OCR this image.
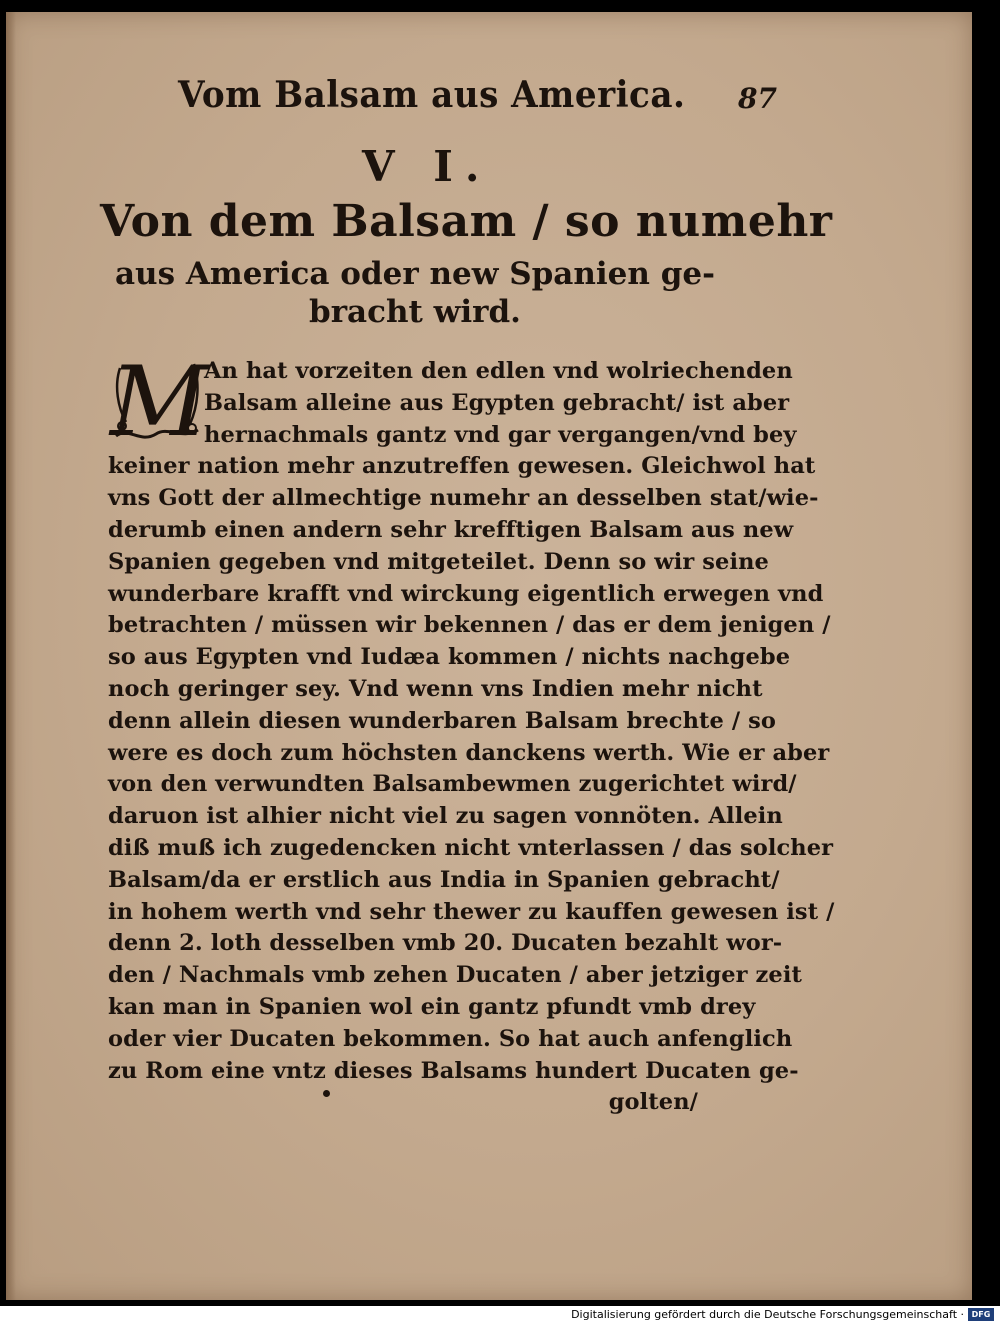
Vom Balsam aus America. 87
V I.
Von dem Balsam / so numehr
aus America oder new Spanien ge-
bracht wird.
M
An hat vorzeiten den edlen vnd wolriechenden
Balsam alleine aus Egypten gebracht/ ist aber
hernachmals gantz vnd gar vergangen/vnd bey
keiner nation mehr anzutreffen gewesen. Gleichwol hat
vns Gott der allmechtige numehr an desselben stat/wie-
derumb einen andern sehr krefftigen Balsam aus new
Spanien gegeben vnd mitgeteilet. Denn so wir seine
wunderbare krafft vnd wirckung eigentlich erwegen vnd
betrachten / müssen wir bekennen / das er dem jenigen /
so aus Egypten vnd Iudæa kommen / nichts nachgebe
noch geringer sey. Vnd wenn vns Indien mehr nicht
denn allein diesen wunderbaren Balsam brechte / so
were es doch zum höchsten danckens werth. Wie er aber
von den verwundten Balsambewmen zugerichtet wird/
daruon ist alhier nicht viel zu sagen vonnöten. Allein
diß muß ich zugedencken nicht vnterlassen / das solcher
Balsam/da er erstlich aus India in Spanien gebracht/
in hohem werth vnd sehr thewer zu kauffen gewesen ist /
denn 2. loth desselben vmb 20. Ducaten bezahlt wor-
den / Nachmals vmb zehen Ducaten / aber jetziger zeit
kan man in Spanien wol ein gantz pfundt vmb drey
oder vier Ducaten bekommen. So hat auch anfenglich
zu Rom eine vntz dieses Balsams hundert Ducaten ge-
golten/
Digitalisierung gefördert durch die Deutsche Forschungsgemeinschaft · DFG
